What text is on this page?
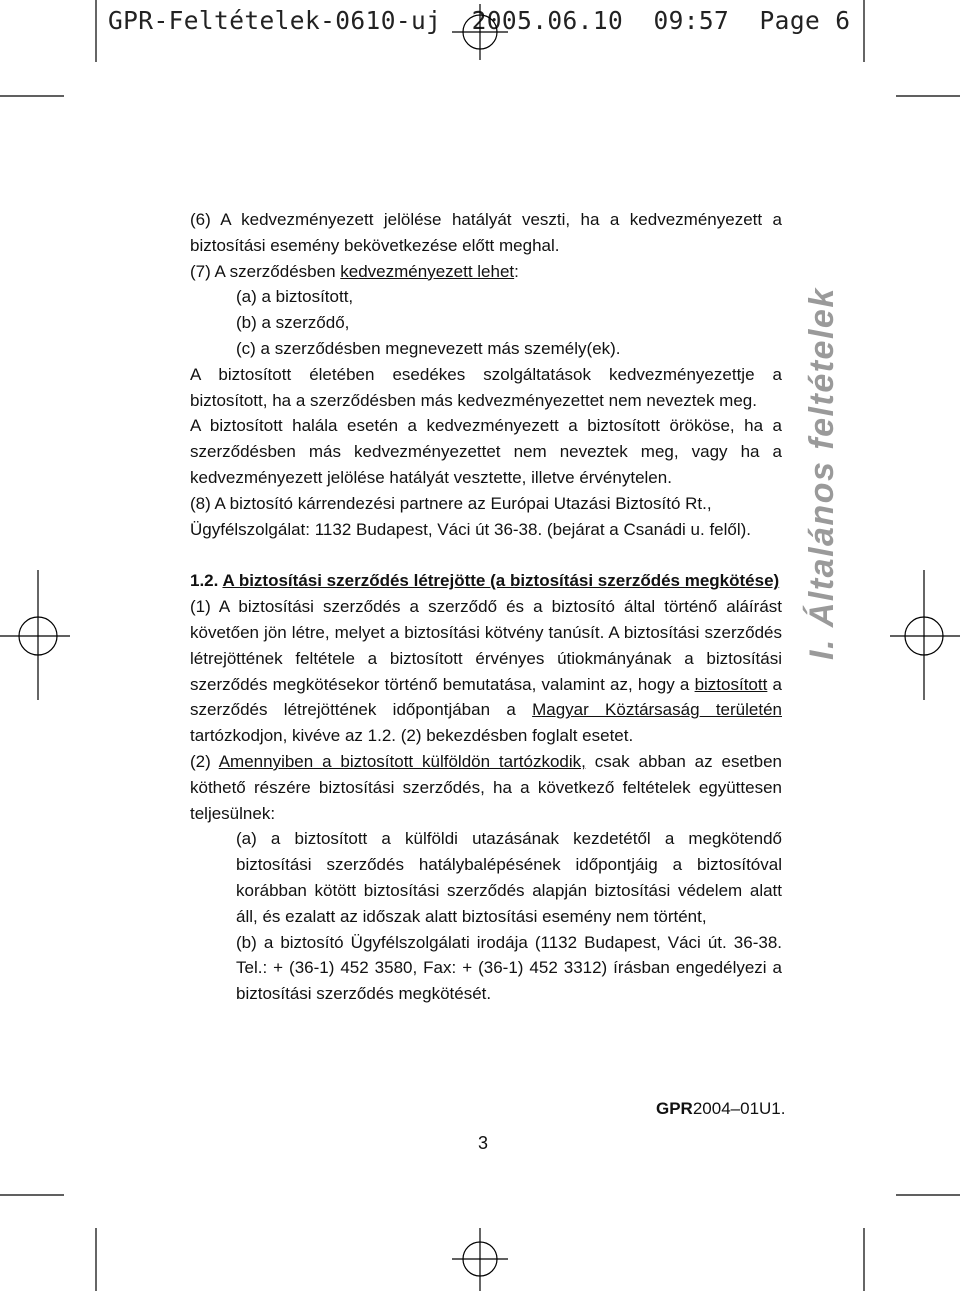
GPR-Feltételek-0610-uj 2005.06.10 09:57 Page 6
I. Általános feltételek

(6) A kedvezményezett jelölése hatályát veszti, ha a kedvezményezett a biztosítási esemény bekövetkezése előtt meghal.

(7) A szerződésben kedvezményezett lehet:

(a) a biztosított,

(b) a szerződő,

(c) a szerződésben megnevezett más személy(ek).

A biztosított életében esedékes szolgáltatások kedvezményezettje a biztosított, ha a szerződésben más kedvezményezettet nem neveztek meg.

A biztosított halála esetén a kedvezményezett a biztosított örököse, ha a szerződésben más kedvezményezettet nem neveztek meg, vagy ha a kedvezményezett jelölése hatályát vesztette, illetve érvénytelen.

(8) A biztosító kárrendezési partnere az Európai Utazási Biztosító Rt.,

Ügyfélszolgálat: 1132 Budapest, Váci út 36-38. (bejárat a Csanádi u. felől).

1.2. A biztosítási szerződés létrejötte (a biztosítási szerződés megkötése)

(1) A biztosítási szerződés a szerződő és a biztosító által történő aláírást követően jön létre, melyet a biztosítási kötvény tanúsít. A biztosítási szerződés létrejöttének feltétele a biztosított érvényes útiokmányának a biztosítási szerződés megkötésekor történő bemutatása, valamint az, hogy a biztosított a szerződés létrejöttének időpontjában a Magyar Köztársaság területén tartózkodjon, kivéve az 1.2. (2) bekezdésben foglalt esetet.

(2) Amennyiben a biztosított külföldön tartózkodik, csak abban az esetben köthető részére biztosítási szerződés, ha a következő feltételek együttesen teljesülnek:

(a) a biztosított a külföldi utazásának kezdetétől a megkötendő biztosítási szerződés hatálybalépésének időpontjáig a biztosítóval korábban kötött biztosítási szerződés alapján biztosítási védelem alatt áll, és ezalatt az időszak alatt biztosítási esemény nem történt,

(b) a biztosító Ügyfélszolgálati irodája (1132 Budapest, Váci út. 36-38. Tel.: + (36-1) 452 3580, Fax: + (36-1) 452 3312) írásban engedélyezi a biztosítási szerződés megkötését.

GPR2004–01U1.
3
